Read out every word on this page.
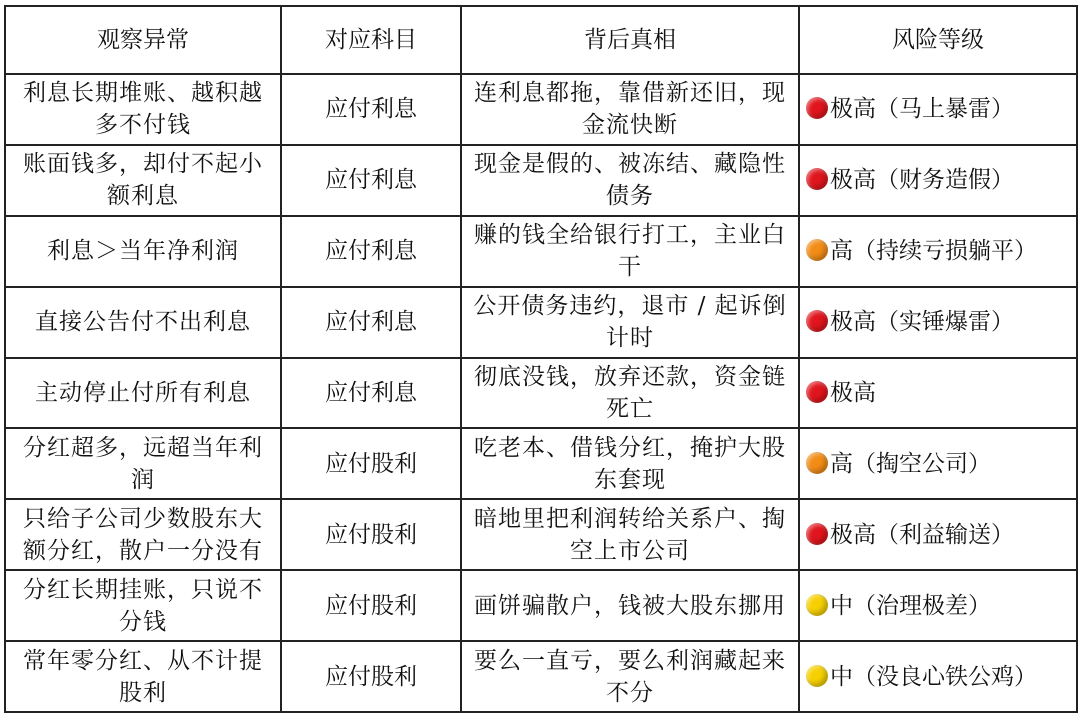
观察异常	对应科目	背后真相	风险等级
利息长期堆账、越积越多不付钱	应付利息	连利息都拖，靠借新还旧，现金流快断	极高（马上暴雷）
账面钱多，却付不起小额利息	应付利息	现金是假的、被冻结、藏隐性债务	极高（财务造假）
利息＞当年净利润	应付利息	赚的钱全给银行打工，主业白干	高（持续亏损躺平）
直接公告付不出利息	应付利息	公开债务违约，退市 / 起诉倒计时	极高（实锤爆雷）
主动停止付所有利息	应付利息	彻底没钱，放弃还款，资金链死亡	极高
分红超多，远超当年利润	应付股利	吃老本、借钱分红，掩护大股东套现	高（掏空公司）
只给子公司少数股东大额分红，散户一分没有	应付股利	暗地里把利润转给关系户、掏空上市公司	极高（利益输送）
分红长期挂账，只说不分钱	应付股利	画饼骗散户，钱被大股东挪用	中（治理极差）
常年零分红、从不计提股利	应付股利	要么一直亏，要么利润藏起来不分	中（没良心铁公鸡）
